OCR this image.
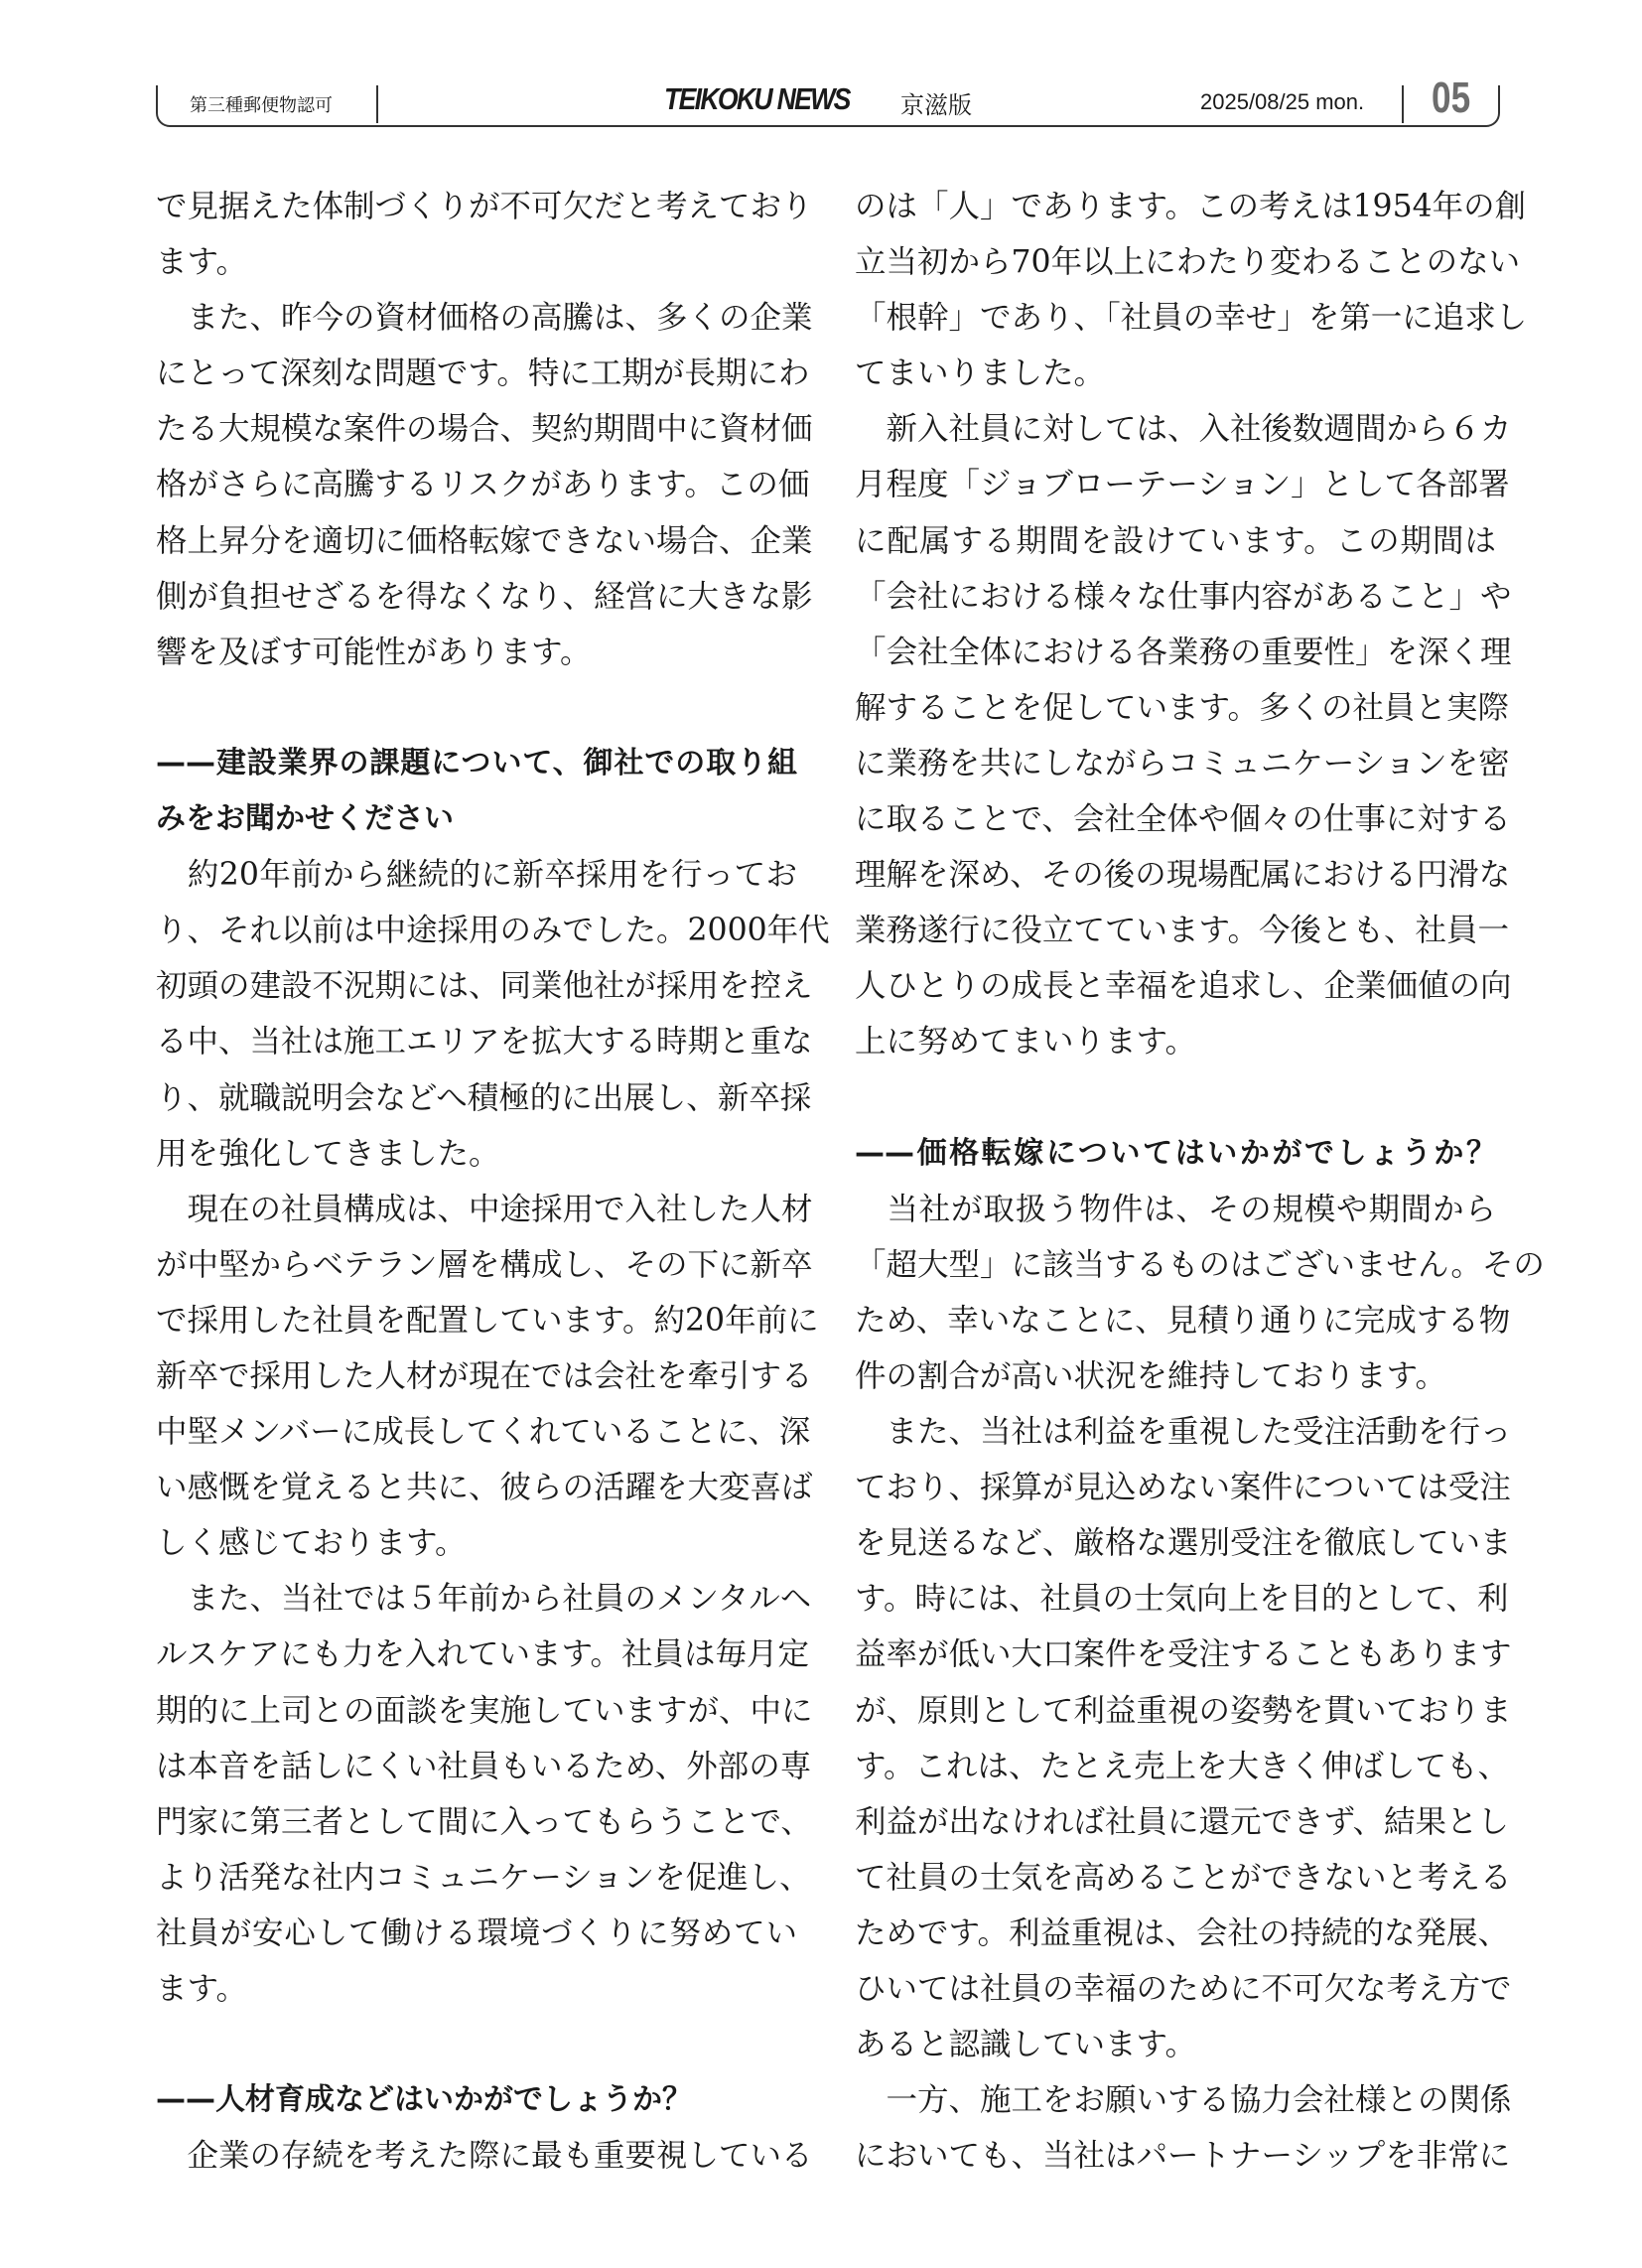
第三種郵便物認可	TEIKOKU NEWS 京滋版	2025/08/25 mon. 05
で見据えた体制づくりが不可欠だと考えており
ます。
　また、昨今の資材価格の高騰は、多くの企業
にとって深刻な問題です。特に工期が長期にわ
たる大規模な案件の場合、契約期間中に資材価
格がさらに高騰するリスクがあります。この価
格上昇分を適切に価格転嫁できない場合、企業
側が負担せざるを得なくなり、経営に大きな影
響を及ぼす可能性があります。
——建設業界の課題について、御社での取り組
みをお聞かせください
　約20年前から継続的に新卒採用を行ってお
り、それ以前は中途採用のみでした。2000年代
初頭の建設不況期には、同業他社が採用を控え
る中、当社は施工エリアを拡大する時期と重な
り、就職説明会などへ積極的に出展し、新卒採
用を強化してきました。
　現在の社員構成は、中途採用で入社した人材
が中堅からベテラン層を構成し、その下に新卒
で採用した社員を配置しています。約20年前に
新卒で採用した人材が現在では会社を牽引する
中堅メンバーに成長してくれていることに、深
い感慨を覚えると共に、彼らの活躍を大変喜ば
しく感じております。
　また、当社では５年前から社員のメンタルヘ
ルスケアにも力を入れています。社員は毎月定
期的に上司との面談を実施していますが、中に
は本音を話しにくい社員もいるため、外部の専
門家に第三者として間に入ってもらうことで、
より活発な社内コミュニケーションを促進し、
社員が安心して働ける環境づくりに努めてい
ます。
——人材育成などはいかがでしょうか？
　企業の存続を考えた際に最も重要視している
のは「人」であります。この考えは1954年の創
立当初から70年以上にわたり変わることのない
「根幹」であり、「社員の幸せ」を第一に追求し
てまいりました。
　新入社員に対しては、入社後数週間から６カ
月程度「ジョブローテーション」として各部署
に配属する期間を設けています。この期間は
「会社における様々な仕事内容があること」や
「会社全体における各業務の重要性」を深く理
解することを促しています。多くの社員と実際
に業務を共にしながらコミュニケーションを密
に取ることで、会社全体や個々の仕事に対する
理解を深め、その後の現場配属における円滑な
業務遂行に役立てています。今後とも、社員一
人ひとりの成長と幸福を追求し、企業価値の向
上に努めてまいります。
——価格転嫁についてはいかがでしょうか？
　当社が取扱う物件は、その規模や期間から
「超大型」に該当するものはございません。その
ため、幸いなことに、見積り通りに完成する物
件の割合が高い状況を維持しております。
　また、当社は利益を重視した受注活動を行っ
ており、採算が見込めない案件については受注
を見送るなど、厳格な選別受注を徹底していま
す。時には、社員の士気向上を目的として、利
益率が低い大口案件を受注することもあります
が、原則として利益重視の姿勢を貫いておりま
す。これは、たとえ売上を大きく伸ばしても、
利益が出なければ社員に還元できず、結果とし
て社員の士気を高めることができないと考える
ためです。利益重視は、会社の持続的な発展、
ひいては社員の幸福のために不可欠な考え方で
あると認識しています。
　一方、施工をお願いする協力会社様との関係
においても、当社はパートナーシップを非常に
